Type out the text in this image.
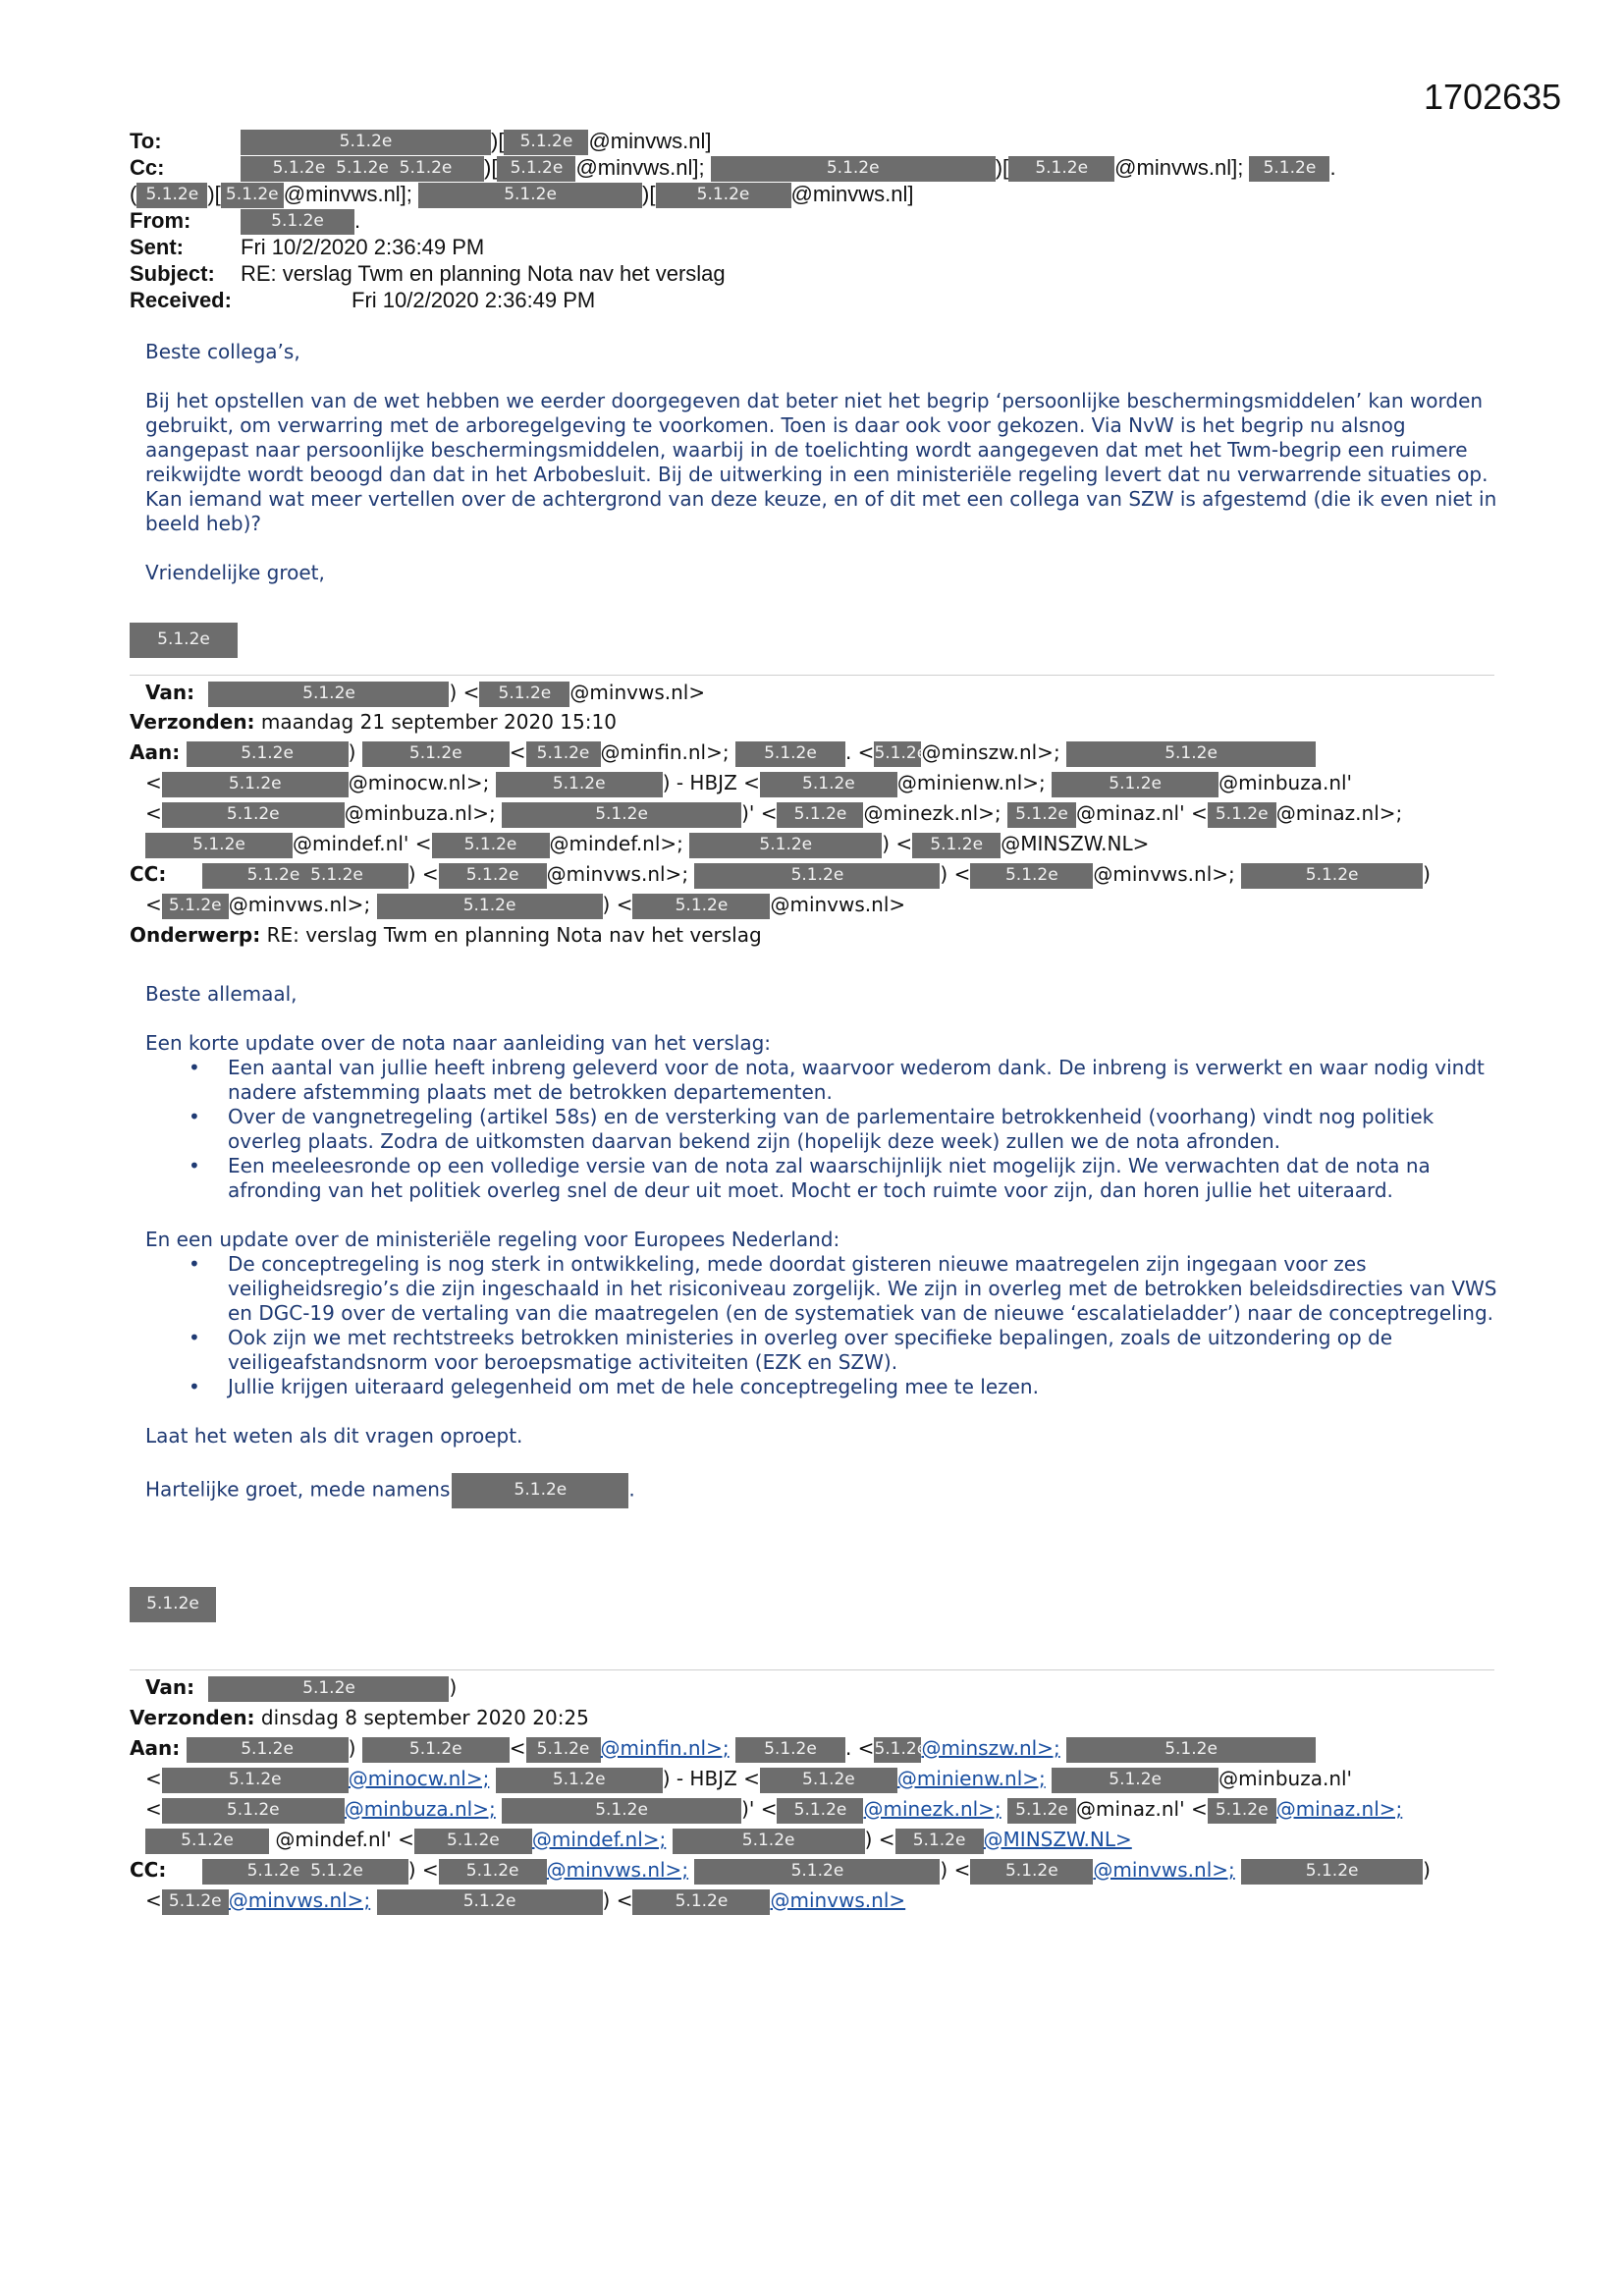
1702635
To:	5.1.2e	)[ 5.1.2e @minvws.nl]
Cc:	5.1.2e 5.1.2e 5.1.2e )[ 5.1.2e @minvws.nl];	5.1.2e	)[ 5.1.2e @minvws.nl]; 5.1.2e .
( 5.1.2e )[ 5.1.2e @minvws.nl];	5.1.2e	)[ 5.1.2e @minvws.nl]
From:	5.1.2e .
Sent:	Fri 10/2/2020 2:36:49 PM
Subject: RE: verslag Twm en planning Nota nav het verslag
Received:	Fri 10/2/2020 2:36:49 PM

Beste collega’s,

Bij het opstellen van de wet hebben we eerder doorgegeven dat beter niet het begrip ‘persoonlijke beschermingsmiddelen’ kan worden gebruikt, om verwarring met de arboregelgeving te voorkomen. Toen is daar ook voor gekozen. Via NvW is het begrip nu alsnog aangepast naar persoonlijke beschermingsmiddelen, waarbij in de toelichting wordt aangegeven dat met het Twm-begrip een ruimere reikwijdte wordt beoogd dan dat in het Arbobesluit. Bij de uitwerking in een ministeriële regeling levert dat nu verwarrende situaties op.
Kan iemand wat meer vertellen over de achtergrond van deze keuze, en of dit met een collega van SZW is afgestemd (die ik even niet in beeld heb)?

Vriendelijke groet,

5.1.2e
Van:	5.1.2e	) < 5.1.2e @minvws.nl>
Verzonden: maandag 21 september 2020 15:10
Aan:	5.1.2e	)	5.1.2e < 5.1.2e @minfin.nl>; 5.1.2e . <5.1.2e@minszw.nl>;	5.1.2e
<	5.1.2e	@minocw.nl>;	5.1.2e	) - HBJZ <	5.1.2e @minienw.nl>;	5.1.2e	@minbuza.nl'
<	5.1.2e	@minbuza.nl>;	5.1.2e	)' < 5.1.2e @minezk.nl>; 5.1.2e @minaz.nl' < 5.1.2e @minaz.nl>;
5.1.2e @mindef.nl' < 5.1.2e @mindef.nl>;	5.1.2e	) < 5.1.2e @MINSZW.NL>
CC:	5.1.2e 5.1.2e ) < 5.1.2e @minvws.nl>;	5.1.2e	) < 5.1.2e @minvws.nl>;	5.1.2e	)
< 5.1.2e @minvws.nl>;	5.1.2e	) <	5.1.2e @minvws.nl>
Onderwerp: RE: verslag Twm en planning Nota nav het verslag

Beste allemaal,

Een korte update over de nota naar aanleiding van het verslag:

• Een aantal van jullie heeft inbreng geleverd voor de nota, waarvoor wederom dank. De inbreng is verwerkt en waar nodig vindt nadere afstemming plaats met de betrokken departementen.
• Over de vangnetregeling (artikel 58s) en de versterking van de parlementaire betrokkenheid (voorhang) vindt nog politiek overleg plaats. Zodra de uitkomsten daarvan bekend zijn (hopelijk deze week) zullen we de nota afronden.
• Een meeleesronde op een volledige versie van de nota zal waarschijnlijk niet mogelijk zijn. We verwachten dat de nota na afronding van het politiek overleg snel de deur uit moet. Mocht er toch ruimte voor zijn, dan horen jullie het uiteraard.

En een update over de ministeriële regeling voor Europees Nederland:

• De conceptregeling is nog sterk in ontwikkeling, mede doordat gisteren nieuwe maatregelen zijn ingegaan voor zes veiligheidsregio’s die zijn ingeschaald in het risiconiveau zorgelijk. We zijn in overleg met de betrokken beleidsdirecties van VWS en DGC-19 over de vertaling van die maatregelen (en de systematiek van de nieuwe ‘escalatieladder’) naar de conceptregeling.
• Ook zijn we met rechtstreeks betrokken ministeries in overleg over specifieke bepalingen, zoals de uitzondering op de veiligeafstandsnorm voor beroepsmatige activiteiten (EZK en SZW).
• Jullie krijgen uiteraard gelegenheid om met de hele conceptregeling mee te lezen.

Laat het weten als dit vragen oproept.

Hartelijke groet, mede namens	5.1.2e	.

5.1.2e
Van:	5.1.2e	)
Verzonden: dinsdag 8 september 2020 20:25
Aan:	5.1.2e	)	5.1.2e < 5.1.2e @minfin.nl>; 5.1.2e . <5.1.2e@minszw.nl>;	5.1.2e
<	5.1.2e	@minocw.nl>;	5.1.2e	) - HBJZ <	5.1.2e @minienw.nl>;	5.1.2e	@minbuza.nl'
<	5.1.2e	@minbuza.nl>;	5.1.2e	)' < 5.1.2e @minezk.nl>; 5.1.2e @minaz.nl' < 5.1.2e @minaz.nl>;
5.1.2e @mindef.nl' < 5.1.2e @mindef.nl>;	5.1.2e	) < 5.1.2e @MINSZW.NL>
CC:	5.1.2e 5.1.2e ) < 5.1.2e @minvws.nl>;	5.1.2e	) < 5.1.2e @minvws.nl>;	5.1.2e	)
< 5.1.2e @minvws.nl>;	5.1.2e	) <	5.1.2e @minvws.nl>
